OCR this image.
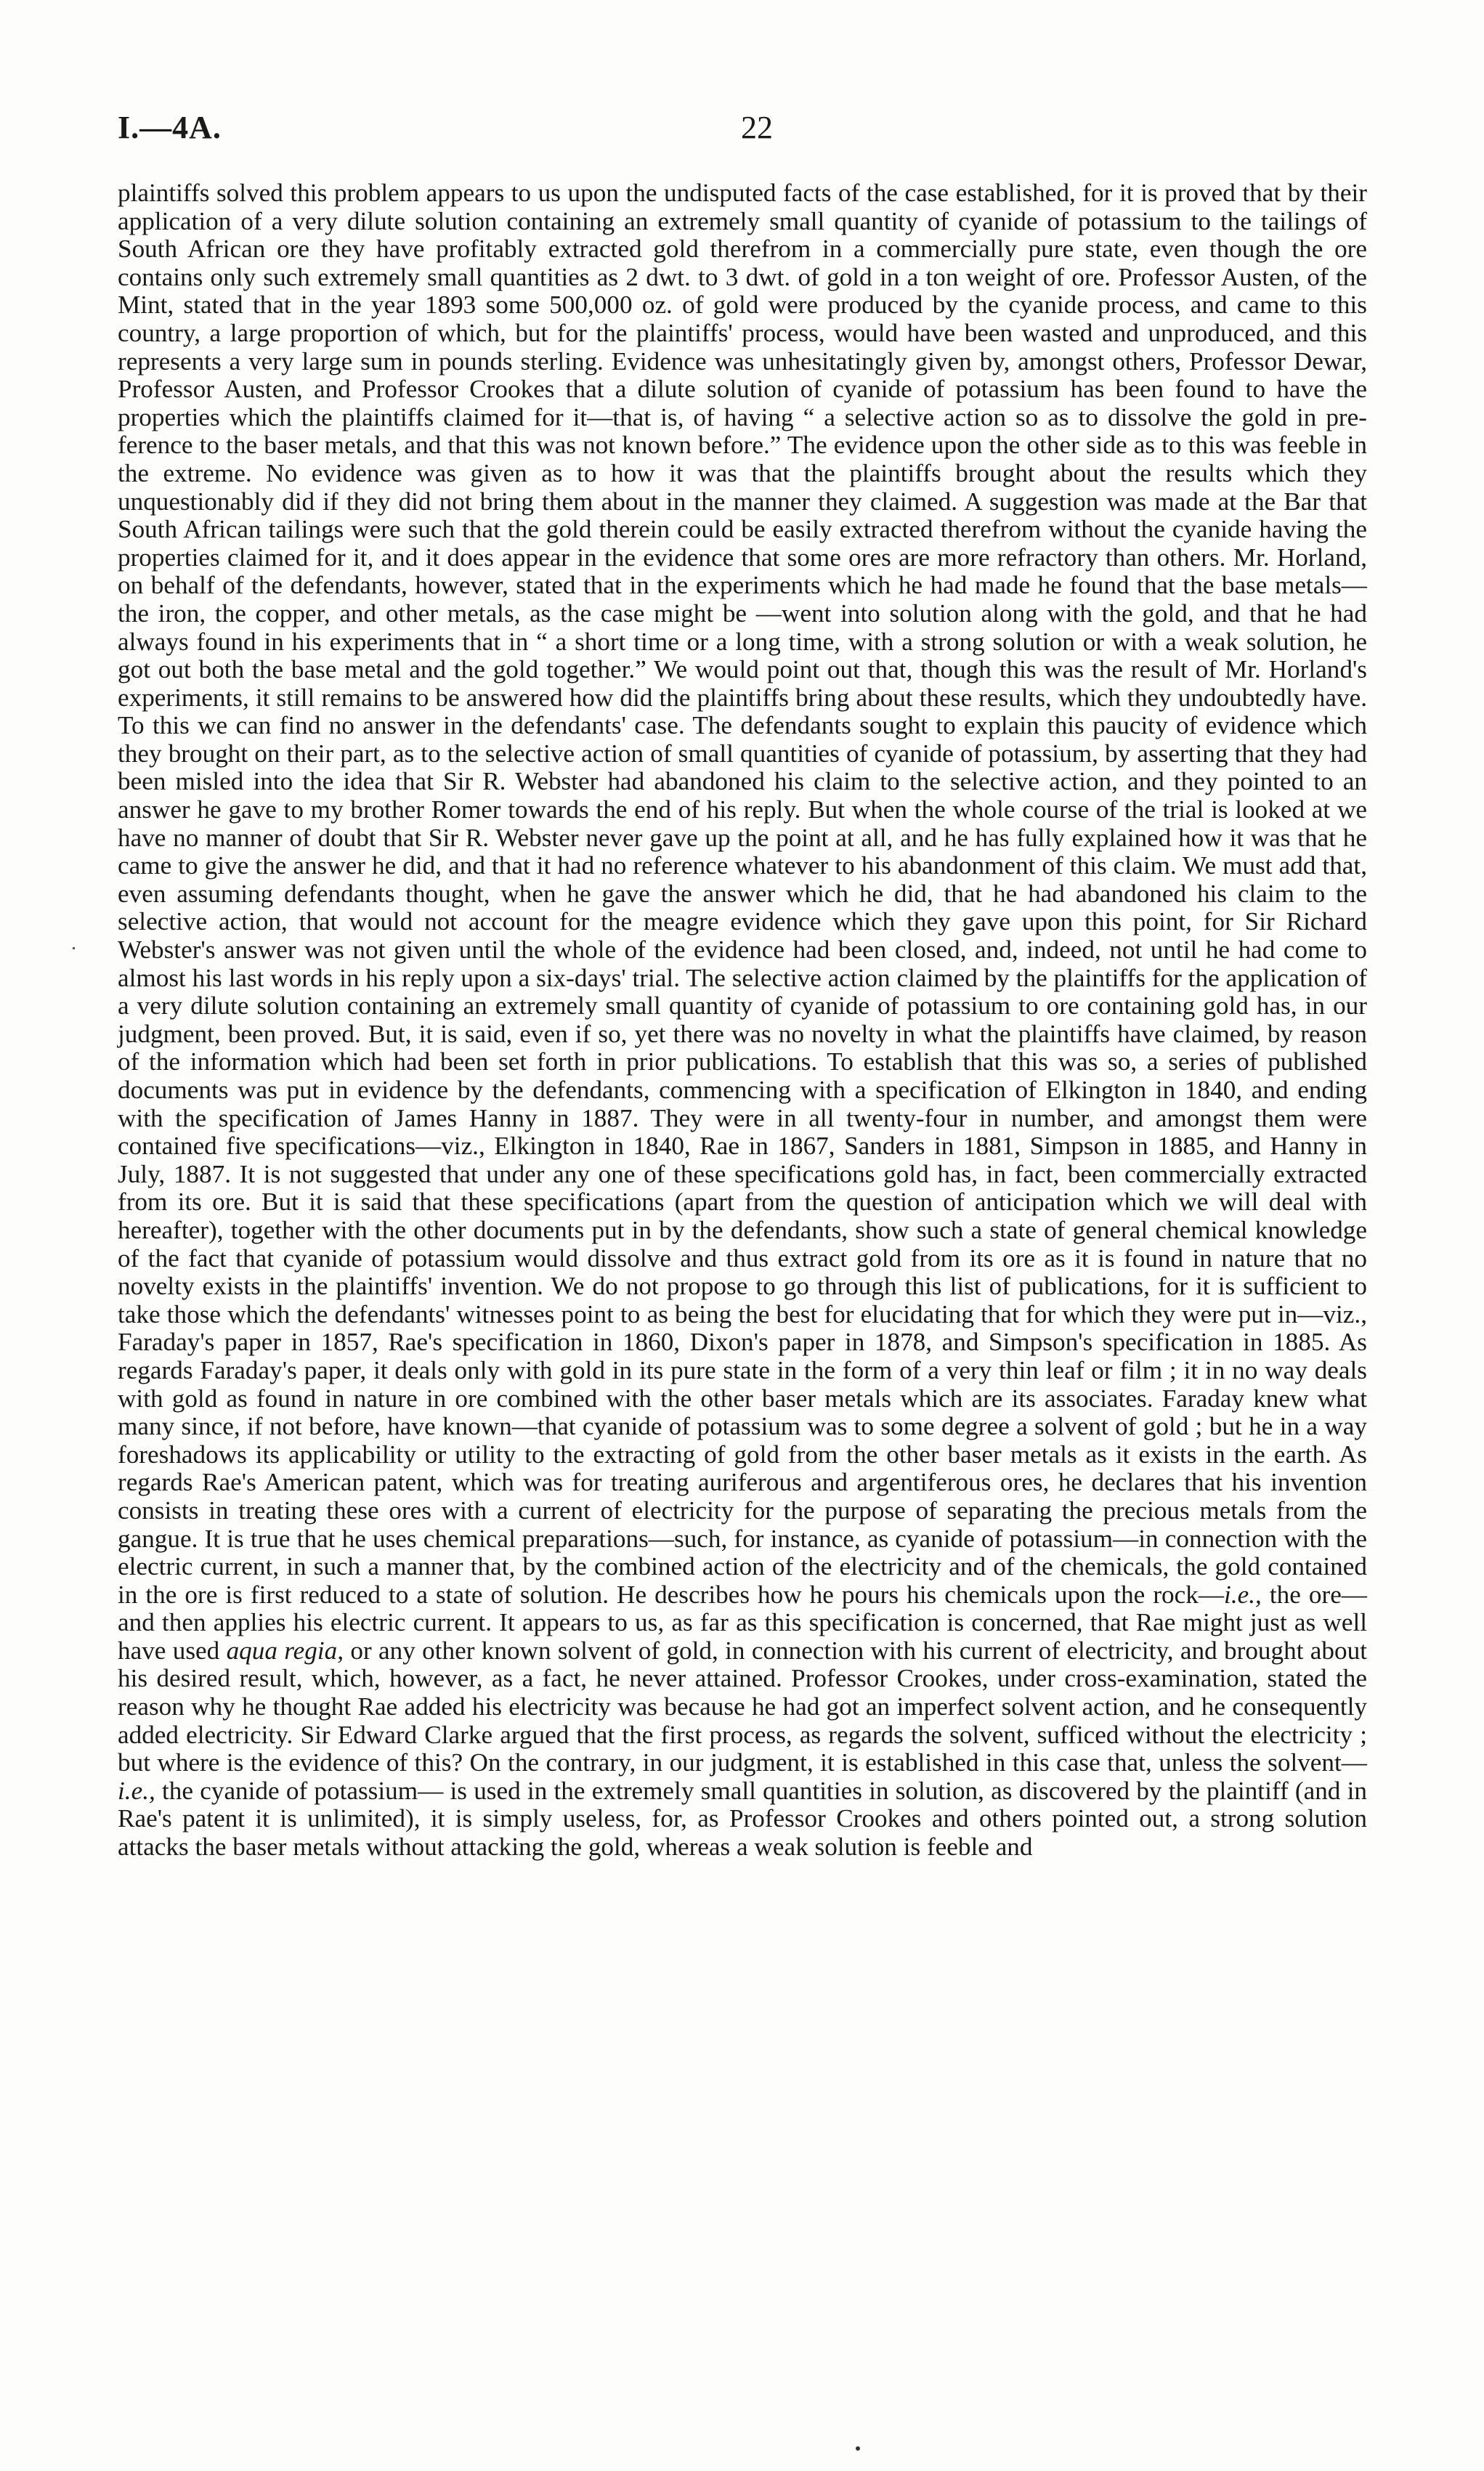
I.—4A.	22

plaintiffs solved this problem appears to us upon the undisputed facts of the case established, for it is proved that by their application of a very dilute solution containing an extremely small quantity of cyanide of potassium to the tailings of South African ore they have profitably extracted gold therefrom in a commercially pure state, even though the ore contains only such extremely small quantities as 2 dwt. to 3 dwt. of gold in a ton weight of ore. Professor Austen, of the Mint, stated that in the year 1893 some 500,000 oz. of gold were produced by the cyanide process, and came to this country, a large proportion of which, but for the plaintiffs' process, would have been wasted and unproduced, and this represents a very large sum in pounds sterling. Evidence was unhesitatingly given by, amongst others, Professor Dewar, Professor Austen, and Professor Crookes that a dilute solution of cyanide of potassium has been found to have the properties which the plaintiffs claimed for it—that is, of having “ a selective action so as to dissolve the gold in preference to the baser metals, and that this was not known before.” The evidence upon the other side as to this was feeble in the extreme. No evidence was given as to how it was that the plaintiffs brought about the results which they unquestionably did if they did not bring them about in the manner they claimed. A suggestion was made at the Bar that South African tailings were such that the gold therein could be easily extracted therefrom without the cyanide having the properties claimed for it, and it does appear in the evidence that some ores are more refractory than others. Mr. Horland, on behalf of the defendants, however, stated that in the experiments which he had made he found that the base metals—the iron, the copper, and other metals, as the case might be —went into solution along with the gold, and that he had always found in his experiments that in “ a short time or a long time, with a strong solution or with a weak solution, he got out both the base metal and the gold together.” We would point out that, though this was the result of Mr. Horland's experiments, it still remains to be answered how did the plaintiffs bring about these results, which they undoubtedly have. To this we can find no answer in the defendants' case. The defendants sought to explain this paucity of evidence which they brought on their part, as to the selective action of small quantities of cyanide of potassium, by asserting that they had been misled into the idea that Sir R. Webster had abandoned his claim to the selective action, and they pointed to an answer he gave to my brother Romer towards the end of his reply. But when the whole course of the trial is looked at we have no manner of doubt that Sir R. Webster never gave up the point at all, and he has fully explained how it was that he came to give the answer he did, and that it had no reference whatever to his abandonment of this claim. We must add that, even assuming defendants thought, when he gave the answer which he did, that he had abandoned his claim to the selective action, that would not account for the meagre evidence which they gave upon this point, for Sir Richard Webster's answer was not given until the whole of the evidence had been closed, and, indeed, not until he had come to almost his last words in his reply upon a six-days' trial. The selective action claimed by the plaintiffs for the application of a very dilute solution containing an extremely small quantity of cyanide of potassium to ore containing gold has, in our judgment, been proved. But, it is said, even if so, yet there was no novelty in what the plaintiffs have claimed, by reason of the information which had been set forth in prior publications. To establish that this was so, a series of published documents was put in evidence by the defendants, commencing with a specification of Elkington in 1840, and ending with the specification of James Hanny in 1887. They were in all twenty-four in number, and amongst them were contained five specifications—viz., Elkington in 1840, Rae in 1867, Sanders in 1881, Simpson in 1885, and Hanny in July, 1887. It is not suggested that under any one of these specifications gold has, in fact, been commercially extracted from its ore. But it is said that these specifications (apart from the question of anticipation which we will deal with hereafter), together with the other documents put in by the defendants, show such a state of general chemical knowledge of the fact that cyanide of potassium would dissolve and thus extract gold from its ore as it is found in nature that no novelty exists in the plaintiffs' invention. We do not propose to go through this list of publications, for it is sufficient to take those which the defendants' witnesses point to as being the best for elucidating that for which they were put in—viz., Faraday's paper in 1857, Rae's specification in 1860, Dixon's paper in 1878, and Simpson's specification in 1885. As regards Faraday's paper, it deals only with gold in its pure state in the form of a very thin leaf or film ; it in no way deals with gold as found in nature in ore combined with the other baser metals which are its associates. Faraday knew what many since, if not before, have known—that cyanide of potassium was to some degree a solvent of gold ; but he in a way foreshadows its applicability or utility to the extracting of gold from the other baser metals as it exists in the earth. As regards Rae's American patent, which was for treating auriferous and argentiferous ores, he declares that his invention consists in treating these ores with a current of electricity for the purpose of separating the precious metals from the gangue. It is true that he uses chemical preparations—such, for instance, as cyanide of potassium—in connection with the electric current, in such a manner that, by the combined action of the electricity and of the chemicals, the gold contained in the ore is first reduced to a state of solution. He describes how he pours his chemicals upon the rock—i.e., the ore—and then applies his electric current. It appears to us, as far as this specification is concerned, that Rae might just as well have used aqua regia, or any other known solvent of gold, in connection with his current of electricity, and brought about his desired result, which, however, as a fact, he never attained. Professor Crookes, under cross-examination, stated the reason why he thought Rae added his electricity was because he had got an imperfect solvent action, and he consequently added electricity. Sir Edward Clarke argued that the first process, as regards the solvent, sufficed without the electricity ; but where is the evidence of this? On the contrary, in our judgment, it is established in this case that, unless the solvent—i.e., the cyanide of potassium— is used in the extremely small quantities in solution, as discovered by the plaintiff (and in Rae's patent it is unlimited), it is simply useless, for, as Professor Crookes and others pointed out, a strong solution attacks the baser metals without attacking the gold, whereas a weak solution is feeble and
